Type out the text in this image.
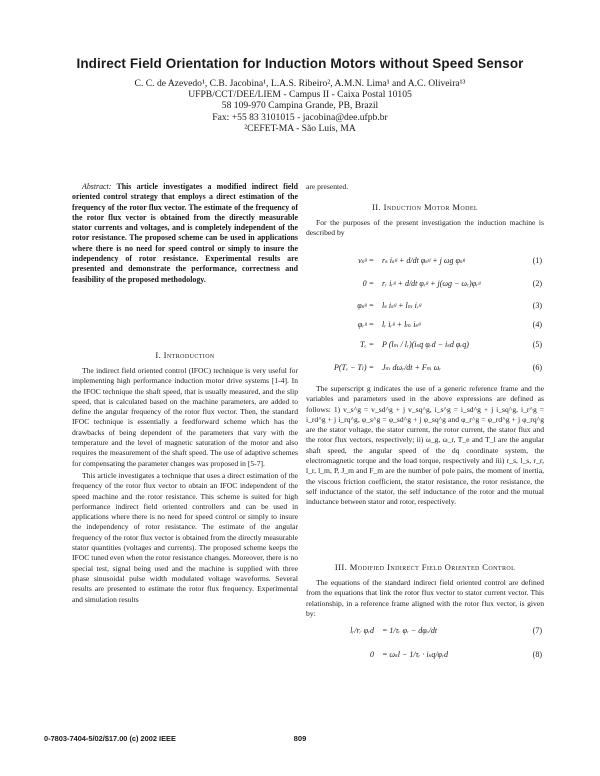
Indirect Field Orientation for Induction Motors without Speed Sensor
C. C. de Azevedo¹, C.B. Jacobina¹, L.A.S. Ribeiro², A.M.N. Lima¹ and A.C. Oliveira¹³
UFPB/CCT/DEE/LIEM - Campus II - Caixa Postal 10105
58 109-970 Campina Grande, PB, Brazil
Fax: +55 83 3101015 - jacobina@dee.ufpb.br
²CEFET-MA - São Luís, MA

Abstract: This article investigates a modified indirect field oriented control strategy that employs a direct estimation of the frequency of the rotor flux vector. The estimate of the frequency of the rotor flux vector is obtained from the directly measurable stator currents and voltages, and is completely independent of the rotor resistance. The proposed scheme can be used in applications where there is no need for speed control or simply to insure the independency of rotor resistance. Experimental results are presented and demonstrate the performance, correctness and feasibility of the proposed methodology.

I. Introduction

The indirect field oriented control (IFOC) technique is very useful for implementing high performance induction motor drive systems [1-4]. In the IFOC technique the shaft speed, that is usually measured, and the slip speed, that is calculated based on the machine parameters, are added to define the angular frequency of the rotor flux vector. Then, the standard IFOC technique is essentially a feedforward scheme which has the drawbacks of being dependent of the parameters that vary with the temperature and the level of magnetic saturation of the motor and also requires the measurement of the shaft speed. The use of adaptive schemes for compensating the parameter changes was proposed in [5-7].

This article investigates a technique that uses a direct estimation of the frequency of the rotor flux vector to obtain an IFOC independent of the speed machine and the rotor resistance. This scheme is suited for high performance indirect field oriented controllers and can be used in applications where there is no need for speed control or simply to insure the independency of rotor resistance. The estimate of the angular frequency of the rotor flux vector is obtained from the directly measurable stator quantities (voltages and currents). The proposed scheme keeps the IFOC tuned even when the rotor resistance changes. Moreover, there is no special test, signal being used and the machine is supplied with three phase sinusoidal pulse width modulated voltage waveforms. Several results are presented to estimate the rotor flux frequency. Experimental and simulation results

are presented.
II. Induction Motor Model

For the purposes of the present investigation the induction machine is described by

vₛᵍ = rₛ iₛᵍ + d/dt φₛᵍ + j ωg φₛᵍ	(1)
0 = rᵣ iᵣᵍ + d/dt φᵣᵍ + j(ωg − ωᵣ)φᵣᵍ	(2)
φₛᵍ = lₛ iₛᵍ + lₘ iᵣᵍ	(3)
φᵣᵍ = lᵣ iᵣᵍ + lₘ iₛᵍ	(4)
Tₑ = P (lₘ / lᵣ)(iₛq φᵣd − iₛd φᵣq)	(5)
P(Tₑ − Tₗ) = Jₘ dωᵣ/dt + Fₘ ωᵣ	(6)

The superscript g indicates the use of a generic reference frame and the variables and parameters used in the above expressions are defined as follows: 1) v_s^g = v_sd^g + j v_sq^g, i_s^g = i_sd^g + j i_sq^g, i_r^g = i_rd^g + j i_rq^g, φ_s^g = φ_sd^g + j φ_sq^g and φ_r^g = φ_rd^g + j φ_rq^g are the stator voltage, the stator current, the rotor current, the stator flux and the rotor flux vectors, respectively; ii) ω_g, ω_r, T_e and T_l are the angular shaft speed, the angular speed of the dq coordinate system, the electromagnetic torque and the load torque, respectively and iii) r_s, l_s, r_r, l_r, l_m, P, J_m and F_m are the number of pole pairs, the moment of inertia, the viscous friction coefficient, the stator resistance, the rotor resistance, the self inductance of the stator, the self inductance of the rotor and the mutual inductance between stator and rotor, respectively.

III. Modified Indirect Field Oriented Control

The equations of the standard indirect field oriented control are defined from the equations that link the rotor flux vector to stator current vector. This relationship, in a reference frame aligned with the rotor flux vector, is given by:

lᵣ/rᵣ φᵣd = 1/τᵣ φᵣ − dφᵣ/dt	(7)
0 = ωₛl − 1/τᵣ · iₛq/φᵣd	(8)
0-7803-7404-5/02/$17.00 (c) 2002 IEEE	809
